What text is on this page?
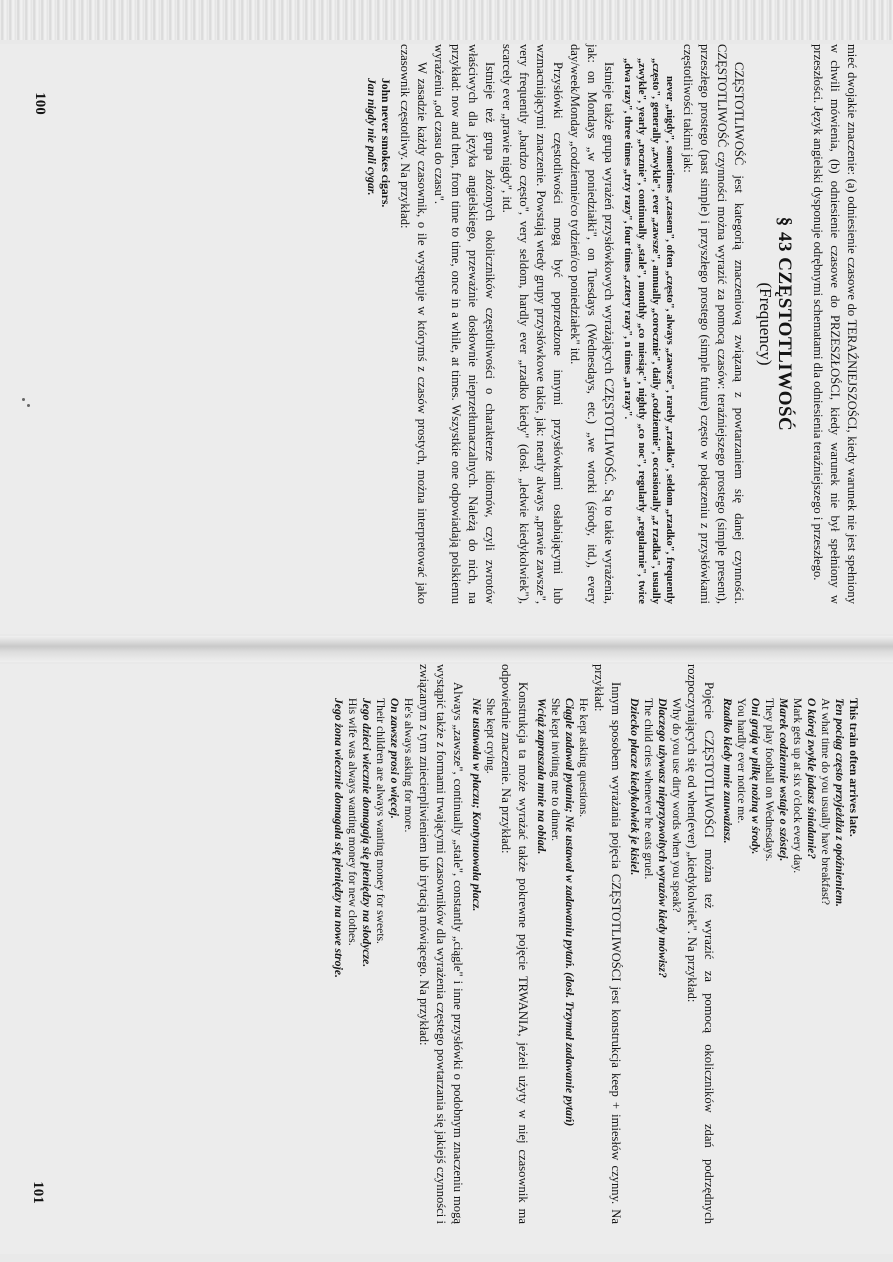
mieć dwojakie znaczenie: (a) odniesienie czasowe do TERAŹNIEJSZOŚCI, kiedy warunek nie jest spełniony w chwili mówienia, (b) odniesienie czasowe do PRZESZŁOŚCI, kiedy warunek nie był spełniony w przeszłości. Język angielski dysponuje odrębnymi schematami dla odniesienia teraźniejszego i przeszłego.

§ 43 CZĘSTOTLIWOŚĆ
(Frequency)

CZĘSTOTLIWOŚĆ jest kategorią znaczeniową związaną z powtarzaniem się danej czynności. CZĘSTOTLIWOŚĆ czynności można wyrazić za pomocą czasów: teraźniejszego prostego (simple present), przeszłego prostego (past simple) i przyszłego prostego (simple future) często w połączeniu z przysłówkami częstotliwości takimi jak:

never „nigdy", sometimes „czasem", often „często", always „zawsze", rarely „rzadko", seldom „rzadko", frequently „często", generally „zwykle", ever „zawsze", annually „corocznie", daily „codziennie", occasionally „z rzadka", usually „zwykle", yearly „rocznie", continually „stale", monthly „co miesiąc", nightly „co noc", regularly „regularnie", twice „dwa razy", three times „trzy razy", four times „cztery razy", n times „n razy".

Istnieje także grupa wyrażeń przysłówkowych wyrażających CZĘSTOTLIWOŚĆ. Są to takie wyrażenia, jak: on Mondays „w poniedziałki", on Tuesdays (Wednesdays, etc.) „we wtorki (środy, itd.), every day/week/Monday „codziennie/co tydzień/co poniedziałek" itd.

Przysłówki częstotliwości mogą być poprzedzone innymi przysłówkami osłabiającymi lub wzmacniającymi znaczenie. Powstają wtedy grupy przysłówkowe takie, jak: nearly always „prawie zawsze", very frequently „bardzo często", very seldom, hardly ever „rzadko kiedy" (dosł. „ledwie kiedykolwiek"), scarcely ever „prawie nigdy", itd.

Istnieje też grupa złożonych okoliczników częstotliwości o charakterze idiomów, czyli zwrotów właściwych dla języka angielskiego, przeważnie dosłownie nieprzetłumaczalnych. Należą do nich, na przykład: now and then, from time to time, once in a while, at times. Wszystkie one odpowiadają polskiemu wyrażeniu „od czasu do czasu".

W zasadzie każdy czasownik, o ile występuje w którymś z czasów prostych, można interpretować jako czasownik częstotliwy. Na przykład:

John never smokes cigars.
Jan nigdy nie pali cygar.
100
This train often arrives late.
Ten pociąg często przyjeżdża z opóźnieniem.
At what time do you usually have breakfast?
O której zwykle jadasz śniadanie?
Mark gets up at six o'clock every day.
Marek codziennie wstaje o szóstej.
They play football on Wednesdays.
Oni grają w piłkę nożną w środy.
You hardly ever notice me.
Rzadko kiedy mnie zauważasz.

Pojęcie CZĘSTOTLIWOŚCI można też wyrazić za pomocą okoliczników zdań podrzędnych rozpoczynających się od when(ever) „kiedykolwiek". Na przykład:

Why do you use dirty words when you speak?
Dlaczego używasz nieprzyzwoitych wyrazów kiedy mówisz?
The child cries whenever he eats gruel.
Dziecko płacze kiedykolwiek je kisiel.

Innym sposobem wyrażania pojęcia CZĘSTOTLIWOŚCI jest konstrukcja keep + imiesłów czynny. Na przykład:

He kept asking questions.
Ciągle zadawał pytania; Nie ustawał w zadawaniu pytań. (dosł. Trzymał zadawanie pytań)
She kept inviting me to dinner.
Wciąż zapraszała mnie na obiad.

Konstrukcja ta może wyrażać także pokrewne pojęcie TRWANIA, jeżeli użyty w niej czasownik ma odpowiednie znaczenie. Na przykład:

She kept crying.
Nie ustawała w płaczu; Kontynuowała płacz.

Always „zawsze", continually „stale", constantly „ciągle" i inne przysłówki o podobnym znaczeniu mogą wystąpić także z formami trwającymi czasowników dla wyrażenia częstego powtarzania się jakiejś czynności i związanym z tym zniecierpliwieniem lub irytacją mówiącego. Na przykład:

He's always asking for more.
On zawsze prosi o więcej.
Their children are always wanting money for sweets.
Jego dzieci wiecznie domagają się pieniędzy na słodycze.
His wife was always wanting money for new clothes.
Jego żona wiecznie domagała się pieniędzy na nowe stroje.
101
